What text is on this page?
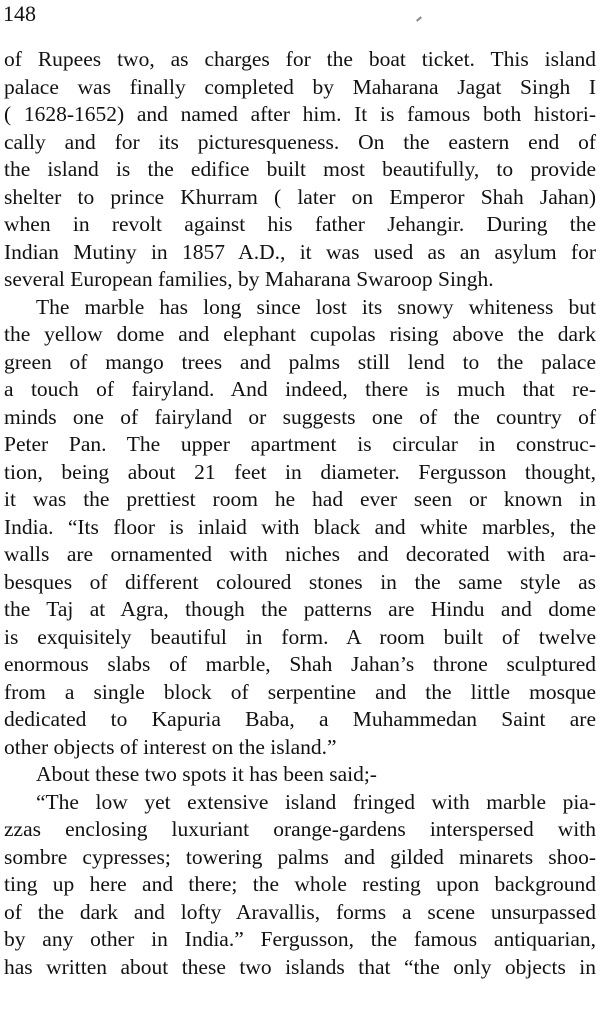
148
of Rupees two, as charges for the boat ticket. This island
palace was finally completed by Maharana Jagat Singh I
( 1628-1652) and named after him. It is famous both histori-
cally and for its picturesqueness. On the eastern end of
the island is the edifice built most beautifully, to provide
shelter to prince Khurram ( later on Emperor Shah Jahan)
when in revolt against his father Jehangir. During the
Indian Mutiny in 1857 A.D., it was used as an asylum for
several European families, by Maharana Swaroop Singh.
The marble has long since lost its snowy whiteness but
the yellow dome and elephant cupolas rising above the dark
green of mango trees and palms still lend to the palace
a touch of fairyland. And indeed, there is much that re-
minds one of fairyland or suggests one of the country of
Peter Pan. The upper apartment is circular in construc-
tion, being about 21 feet in diameter. Fergusson thought,
it was the prettiest room he had ever seen or known in
India. “Its floor is inlaid with black and white marbles, the
walls are ornamented with niches and decorated with ara-
besques of different coloured stones in the same style as
the Taj at Agra, though the patterns are Hindu and dome
is exquisitely beautiful in form. A room built of twelve
enormous slabs of marble, Shah Jahan’s throne sculptured
from a single block of serpentine and the little mosque
dedicated to Kapuria Baba, a Muhammedan Saint are
other objects of interest on the island.”
About these two spots it has been said;-
“The low yet extensive island fringed with marble pia-
zzas enclosing luxuriant orange-gardens interspersed with
sombre cypresses; towering palms and gilded minarets shoo-
ting up here and there; the whole resting upon background
of the dark and lofty Aravallis, forms a scene unsurpassed
by any other in India.” Fergusson, the famous antiquarian,
has written about these two islands that “the only objects in
